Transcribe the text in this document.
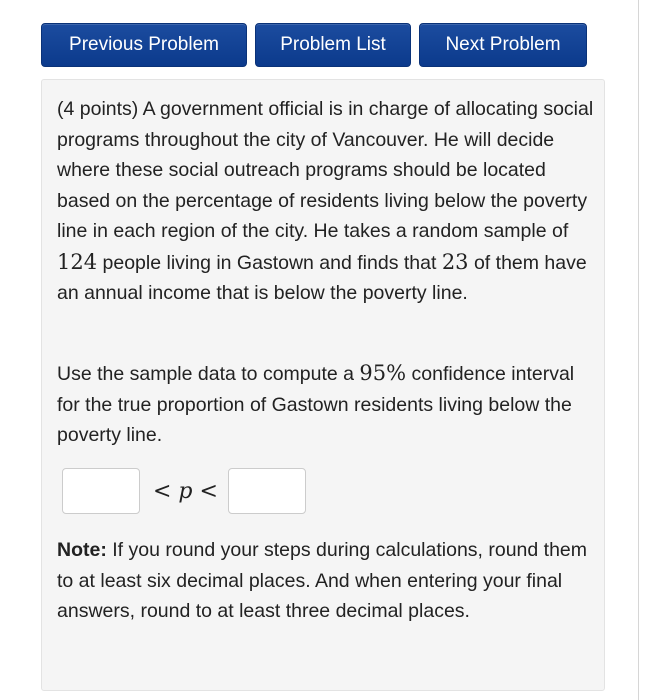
Previous Problem	Problem List	Next Problem

(4 points) A government official is in charge of allocating social programs throughout the city of Vancouver. He will decide where these social outreach programs should be located based on the percentage of residents living below the poverty line in each region of the city. He takes a random sample of 124 people living in Gastown and finds that 23 of them have an annual income that is below the poverty line.

Use the sample data to compute a 95% confidence interval for the true proportion of Gastown residents living below the poverty line.

< p <

Note: If you round your steps during calculations, round them to at least six decimal places. And when entering your final answers, round to at least three decimal places.
